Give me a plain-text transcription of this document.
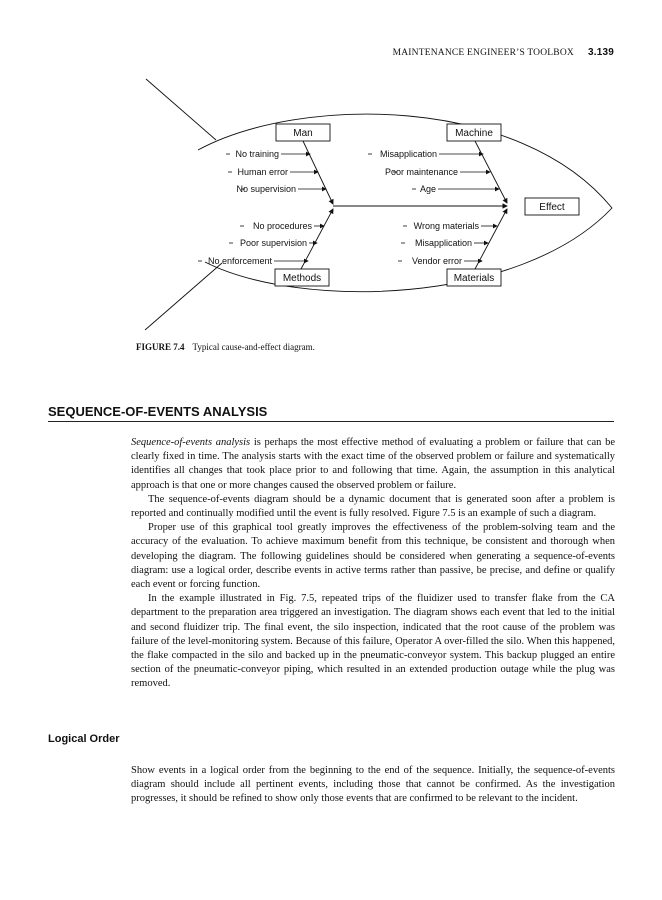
MAINTENANCE ENGINEER’S TOOLBOX 3.139
Man	Machine
Methods	Materials
Effect
No training
Human error
No supervision
Misapplication
Poor maintenance
Age
No procedures
Poor supervision
No enforcement
Wrong materials
Misapplication
Vendor error
FIGURE 7.4 Typical cause-and-effect diagram.
SEQUENCE-OF-EVENTS ANALYSIS

Sequence-of-events analysis is perhaps the most effective method of evaluating a problem or failure that can be clearly fixed in time. The analysis starts with the exact time of the observed problem or failure and systematically identifies all changes that took place prior to and following that time. Again, the assumption in this analytical approach is that one or more changes caused the observed problem or failure.

The sequence-of-events diagram should be a dynamic document that is generated soon after a problem is reported and continually modified until the event is fully resolved. Figure 7.5 is an example of such a diagram.

Proper use of this graphical tool greatly improves the effectiveness of the problem-solving team and the accuracy of the evaluation. To achieve maximum benefit from this technique, be consistent and thorough when developing the diagram. The following guidelines should be considered when generating a sequence-of-events diagram: use a logical order, describe events in active terms rather than passive, be precise, and define or qualify each event or forcing function.

In the example illustrated in Fig. 7.5, repeated trips of the fluidizer used to transfer flake from the CA department to the preparation area triggered an investigation. The diagram shows each event that led to the initial and second fluidizer trip. The final event, the silo inspection, indicated that the root cause of the problem was failure of the level-monitoring system. Because of this failure, Operator A over-filled the silo. When this happened, the flake compacted in the silo and backed up in the pneumatic-conveyor system. This backup plugged an entire section of the pneumatic-conveyor piping, which resulted in an extended production outage while the plug was removed.

Logical Order

Show events in a logical order from the beginning to the end of the sequence. Initially, the sequence-of-events diagram should include all pertinent events, including those that cannot be confirmed. As the investigation progresses, it should be refined to show only those events that are confirmed to be relevant to the incident.
